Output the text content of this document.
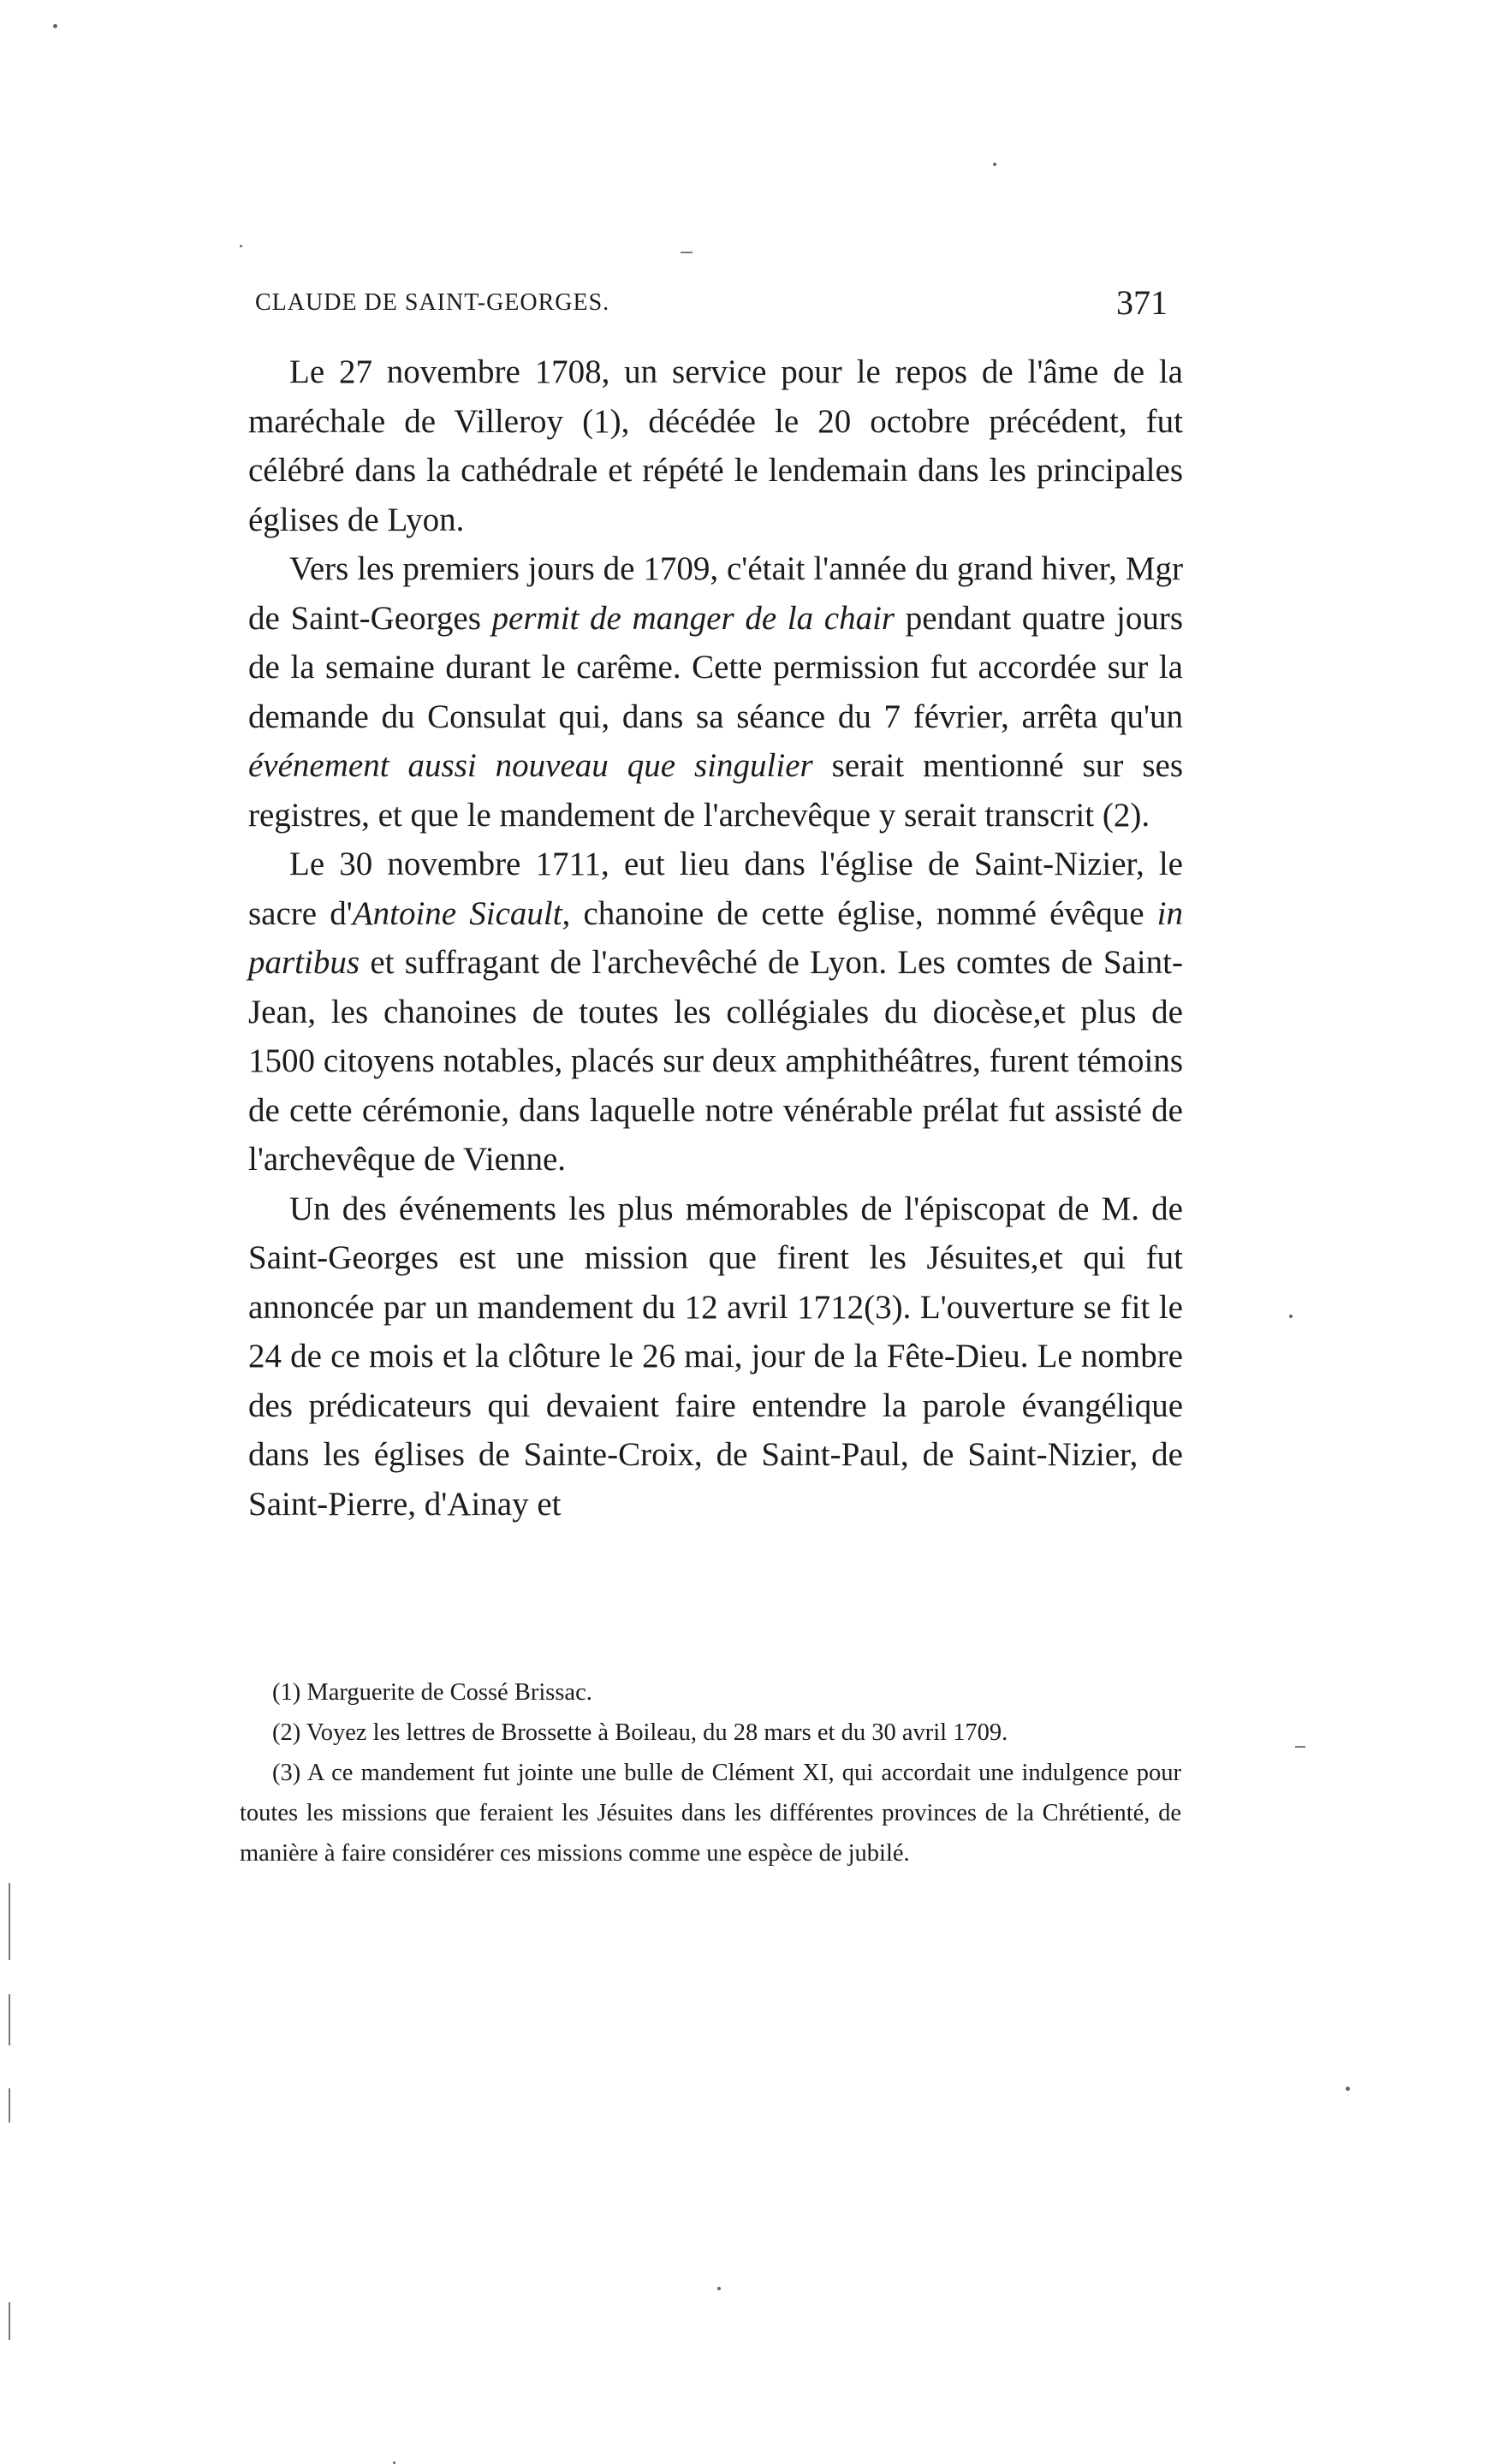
CLAUDE DE SAINT-GEORGES.	371

Le 27 novembre 1708, un service pour le repos de l'âme de la maréchale de Villeroy (1), décédée le 20 octobre précédent, fut célébré dans la cathédrale et répété le lendemain dans les principales églises de Lyon.

Vers les premiers jours de 1709, c'était l'année du grand hiver, Mgr de Saint-Georges permit de manger de la chair pendant quatre jours de la semaine durant le carême. Cette permission fut accordée sur la demande du Consulat qui, dans sa séance du 7 février, arrêta qu'un événement aussi nouveau que singulier serait mentionné sur ses registres, et que le mandement de l'archevêque y serait transcrit (2).

Le 30 novembre 1711, eut lieu dans l'église de Saint-Nizier, le sacre d'Antoine Sicault, chanoine de cette église, nommé évêque in partibus et suffragant de l'archevêché de Lyon. Les comtes de Saint-Jean, les chanoines de toutes les collégiales du diocèse,et plus de 1500 citoyens notables, placés sur deux amphithéâtres, furent témoins de cette cérémonie, dans laquelle notre vénérable prélat fut assisté de l'archevêque de Vienne.

Un des événements les plus mémorables de l'épiscopat de M. de Saint-Georges est une mission que firent les Jésuites,et qui fut annoncée par un mandement du 12 avril 1712(3). L'ouverture se fit le 24 de ce mois et la clôture le 26 mai, jour de la Fête-Dieu. Le nombre des prédicateurs qui devaient faire entendre la parole évangélique dans les églises de Sainte-Croix, de Saint-Paul, de Saint-Nizier, de Saint-Pierre, d'Ainay et

(1) Marguerite de Cossé Brissac.

(2) Voyez les lettres de Brossette à Boileau, du 28 mars et du 30 avril 1709.

(3) A ce mandement fut jointe une bulle de Clément XI, qui accordait une indulgence pour toutes les missions que feraient les Jésuites dans les différentes provinces de la Chrétienté, de manière à faire considérer ces missions comme une espèce de jubilé.
